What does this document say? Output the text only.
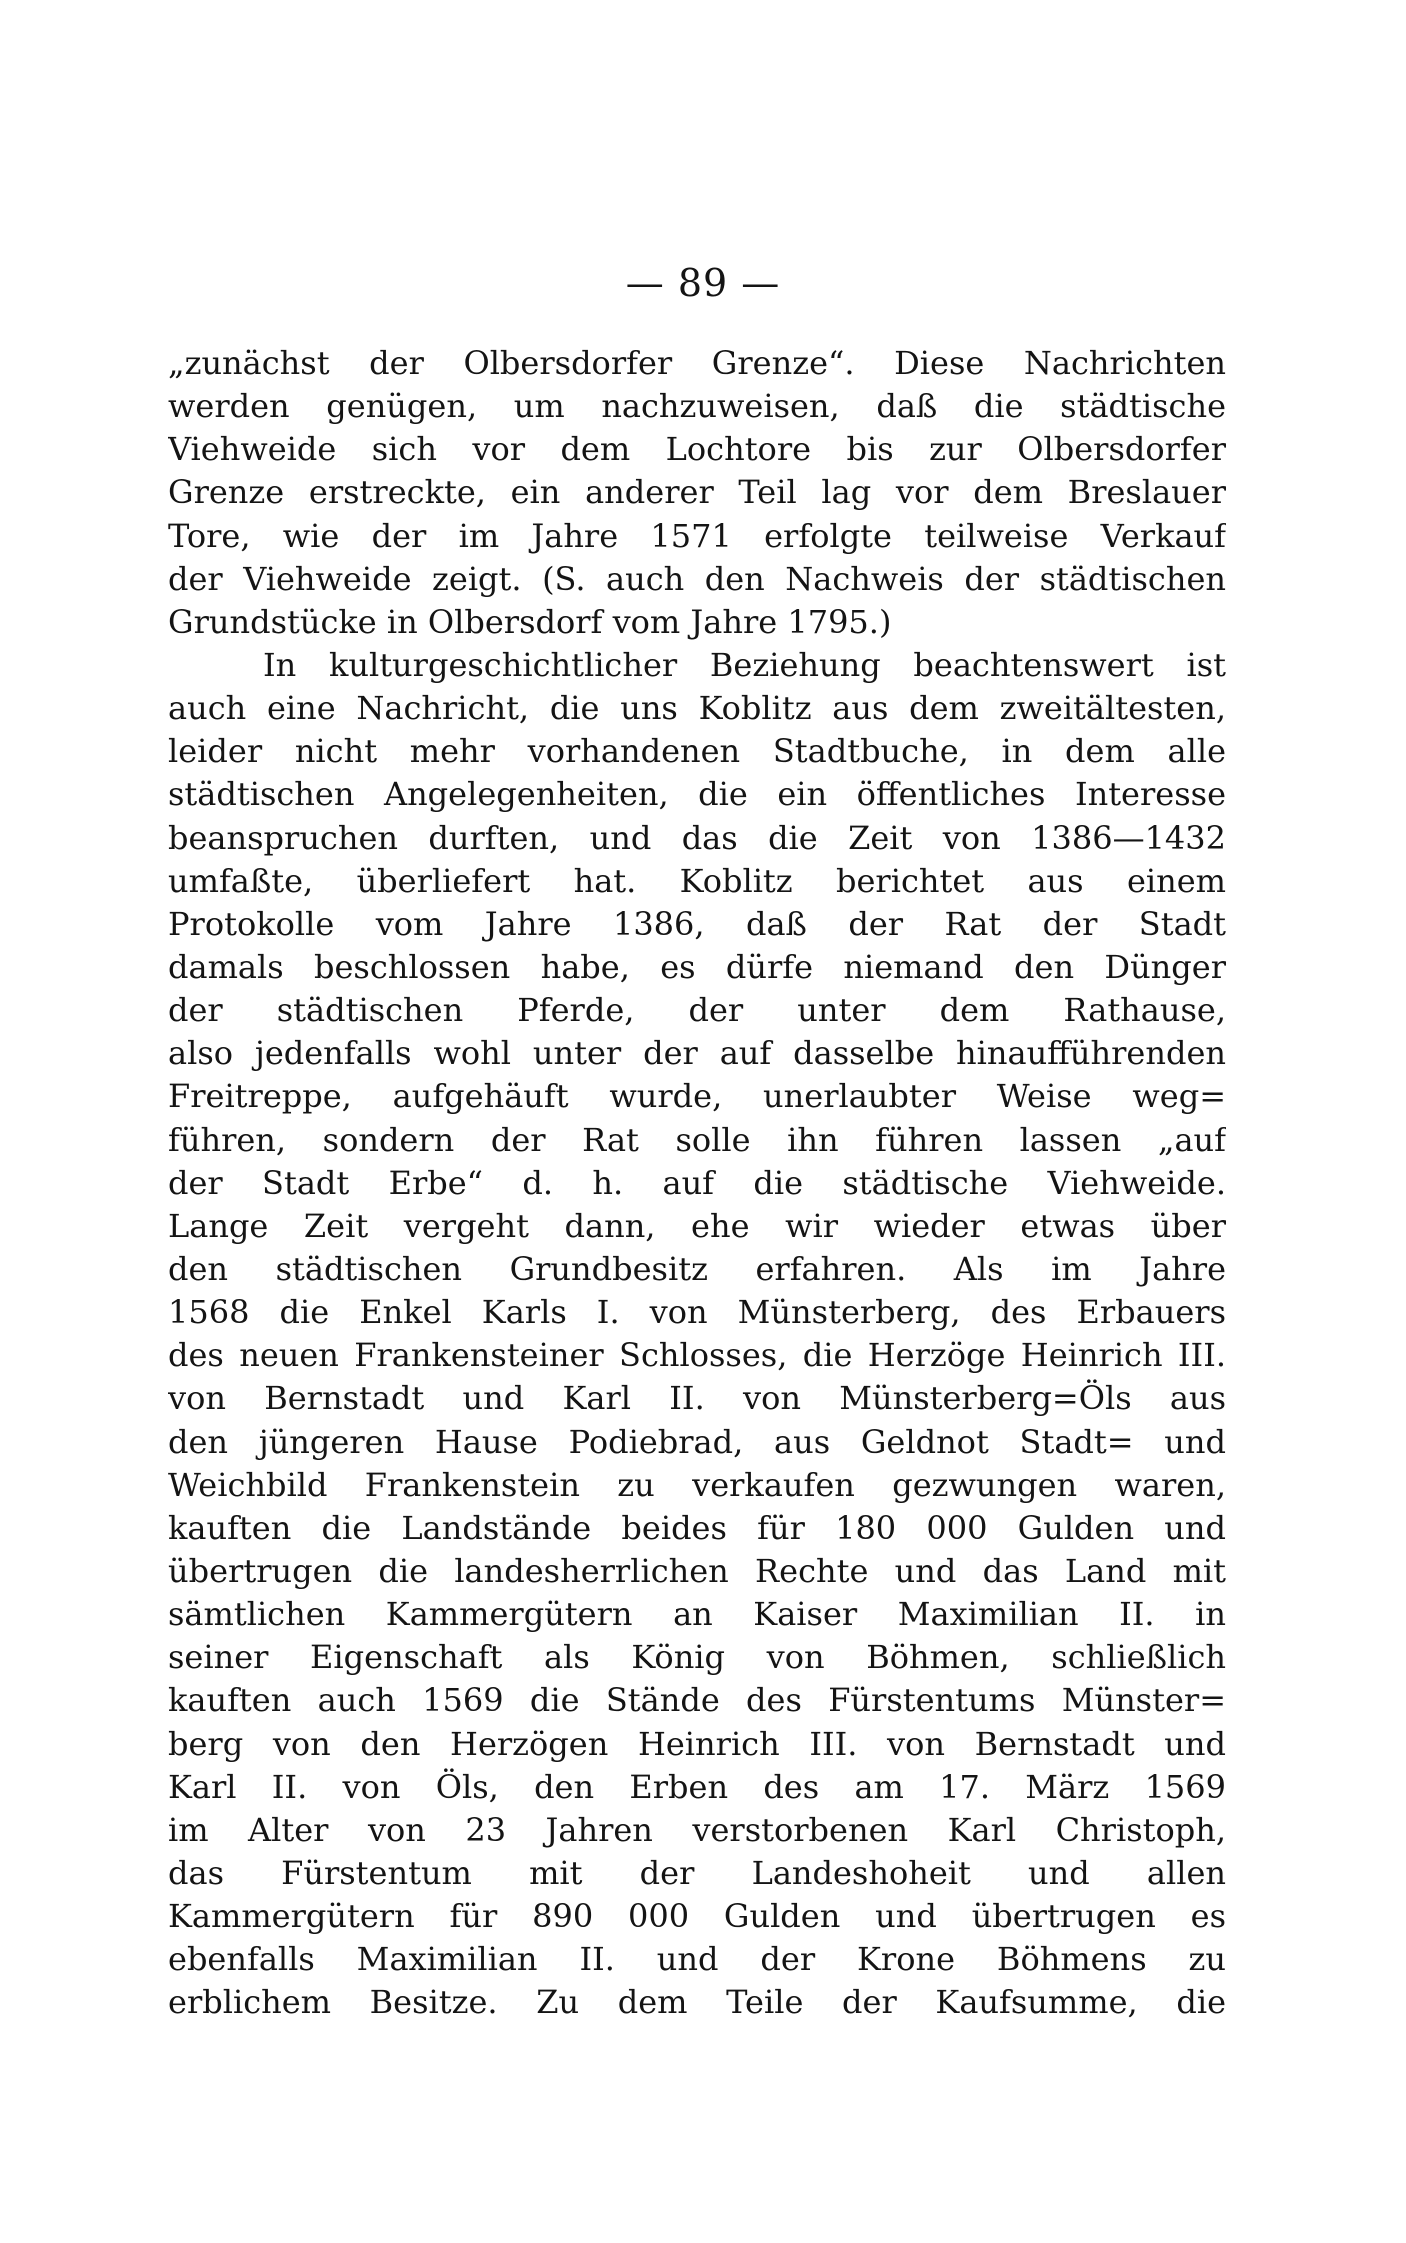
— 89 —
„zunächst der Olbersdorfer Grenze“. Diese Nachrichten
werden genügen, um nachzuweisen, daß die städtische
Viehweide sich vor dem Lochtore bis zur Olbersdorfer
Grenze erstreckte, ein anderer Teil lag vor dem Breslauer
Tore, wie der im Jahre 1571 erfolgte teilweise Verkauf
der Viehweide zeigt. (S. auch den Nachweis der städtischen
Grundstücke in Olbersdorf vom Jahre 1795.)
In kulturgeschichtlicher Beziehung beachtenswert ist
auch eine Nachricht, die uns Koblitz aus dem zweitältesten,
leider nicht mehr vorhandenen Stadtbuche, in dem alle
städtischen Angelegenheiten, die ein öffentliches Interesse
beanspruchen durften, und das die Zeit von 1386—1432
umfaßte, überliefert hat. Koblitz berichtet aus einem
Protokolle vom Jahre 1386, daß der Rat der Stadt
damals beschlossen habe, es dürfe niemand den Dünger
der städtischen Pferde, der unter dem Rathause,
also jedenfalls wohl unter der auf dasselbe hinaufführenden
Freitreppe, aufgehäuft wurde, unerlaubter Weise weg=
führen, sondern der Rat solle ihn führen lassen „auf
der Stadt Erbe“ d. h. auf die städtische Viehweide.
Lange Zeit vergeht dann, ehe wir wieder etwas über
den städtischen Grundbesitz erfahren. Als im Jahre
1568 die Enkel Karls I. von Münsterberg, des Erbauers
des neuen Frankensteiner Schlosses, die Herzöge Heinrich III.
von Bernstadt und Karl II. von Münsterberg=Öls aus
den jüngeren Hause Podiebrad, aus Geldnot Stadt= und
Weichbild Frankenstein zu verkaufen gezwungen waren,
kauften die Landstände beides für 180 000 Gulden und
übertrugen die landesherrlichen Rechte und das Land mit
sämtlichen Kammergütern an Kaiser Maximilian II. in
seiner Eigenschaft als König von Böhmen, schließlich
kauften auch 1569 die Stände des Fürstentums Münster=
berg von den Herzögen Heinrich III. von Bernstadt und
Karl II. von Öls, den Erben des am 17. März 1569
im Alter von 23 Jahren verstorbenen Karl Christoph,
das Fürstentum mit der Landeshoheit und allen
Kammergütern für 890 000 Gulden und übertrugen es
ebenfalls Maximilian II. und der Krone Böhmens zu
erblichem Besitze. Zu dem Teile der Kaufsumme, die
